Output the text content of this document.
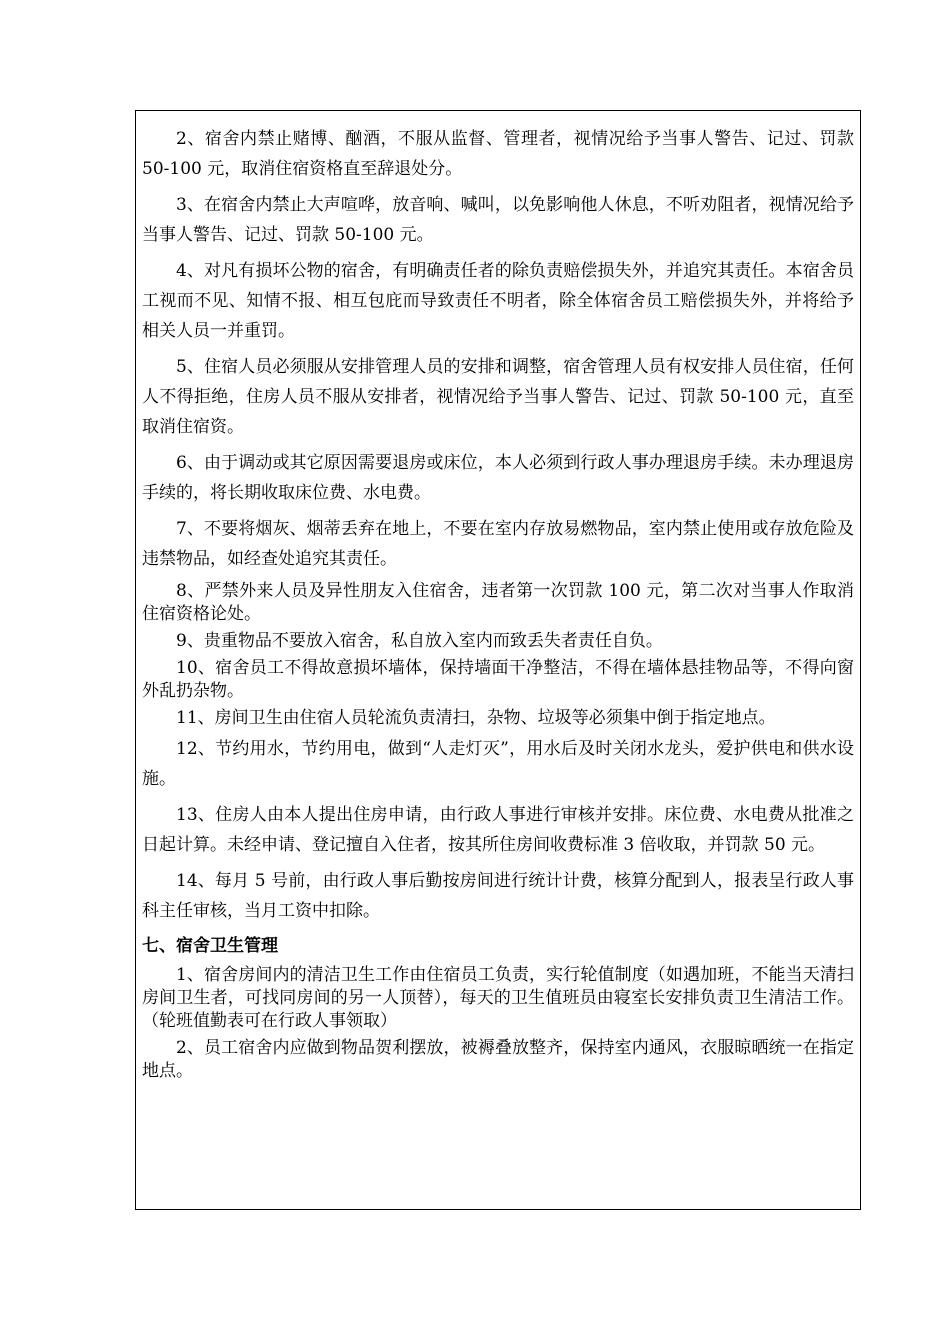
2、宿舍内禁止赌博、酗酒，不服从监督、管理者，视情况给予当事人警告、记过、罚款 50-100 元，取消住宿资格直至辞退处分。

3、在宿舍内禁止大声喧哗，放音响、喊叫，以免影响他人休息，不听劝阻者，视情况给予当事人警告、记过、罚款 50-100 元。

4、对凡有损坏公物的宿舍，有明确责任者的除负责赔偿损失外，并追究其责任。本宿舍员工视而不见、知情不报、相互包庇而导致责任不明者，除全体宿舍员工赔偿损失外，并将给予相关人员一并重罚。

5、住宿人员必须服从安排管理人员的安排和调整，宿舍管理人员有权安排人员住宿，任何人不得拒绝，住房人员不服从安排者，视情况给予当事人警告、记过、罚款 50-100 元，直至取消住宿资。

6、由于调动或其它原因需要退房或床位，本人必须到行政人事办理退房手续。未办理退房手续的，将长期收取床位费、水电费。

7、不要将烟灰、烟蒂丢弃在地上，不要在室内存放易燃物品，室内禁止使用或存放危险及违禁物品，如经查处追究其责任。

8、严禁外来人员及异性朋友入住宿舍，违者第一次罚款 100 元，第二次对当事人作取消住宿资格论处。

9、贵重物品不要放入宿舍，私自放入室内而致丢失者责任自负。

10、宿舍员工不得故意损坏墙体，保持墙面干净整洁，不得在墙体悬挂物品等，不得向窗外乱扔杂物。

11、房间卫生由住宿人员轮流负责清扫，杂物、垃圾等必须集中倒于指定地点。

12、节约用水，节约用电，做到“人走灯灭”，用水后及时关闭水龙头，爱护供电和供水设施。

13、住房人由本人提出住房申请，由行政人事进行审核并安排。床位费、水电费从批准之日起计算。未经申请、登记擅自入住者，按其所住房间收费标准 3 倍收取，并罚款 50 元。

14、每月 5 号前，由行政人事后勤按房间进行统计计费，核算分配到人，报表呈行政人事科主任审核，当月工资中扣除。

七、宿舍卫生管理

1、宿舍房间内的清洁卫生工作由住宿员工负责，实行轮值制度（如遇加班，不能当天清扫房间卫生者，可找同房间的另一人顶替），每天的卫生值班员由寝室长安排负责卫生清洁工作。（轮班值勤表可在行政人事领取）

2、员工宿舍内应做到物品贺利摆放，被褥叠放整齐，保持室内通风，衣服晾晒统一在指定地点。
